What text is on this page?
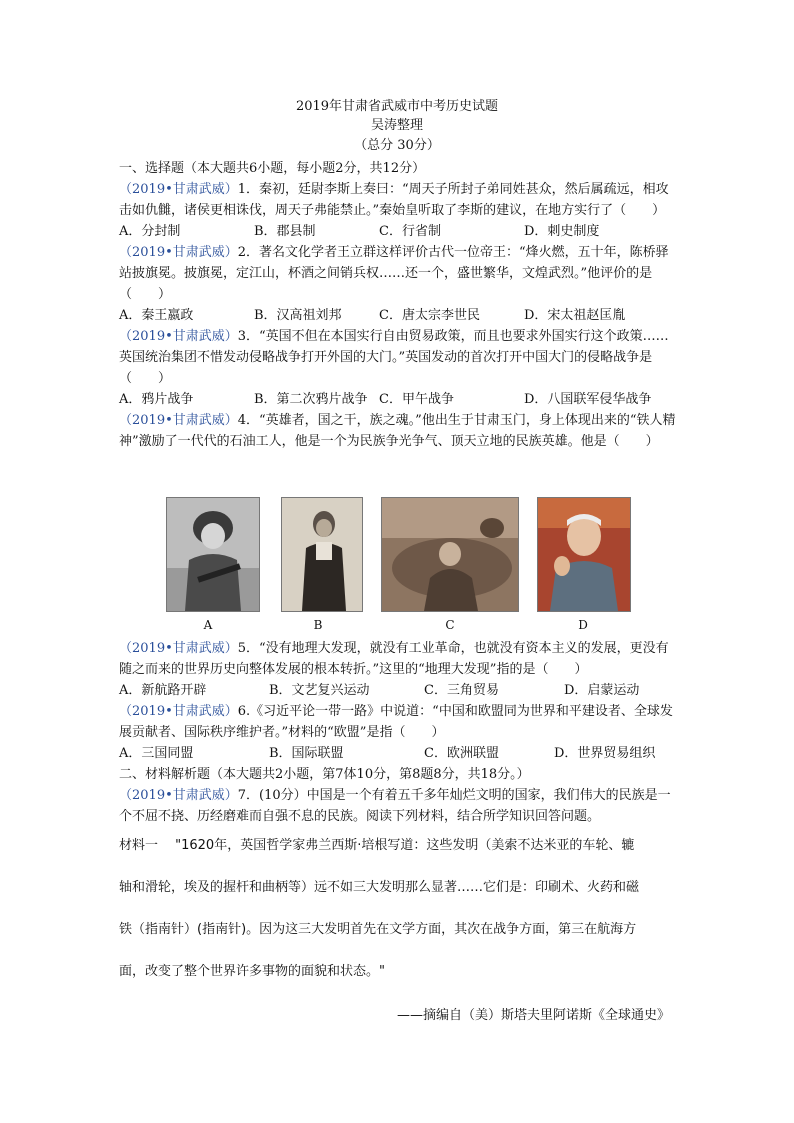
2019年甘肃省武威市中考历史试题
吴涛整理
（总分 30分）
一、选择题（本大题共6小题，每小题2分，共12分）
（2019•甘肃武威）1．秦初，廷尉李斯上奏曰：“周天子所封子弟同姓甚众，然后属疏远，相攻击如仇雠，诸侯更相诛伐，周天子弗能禁止。”秦始皇听取了李斯的建议，在地方实行了（　　）
A．分封制	B．郡县制	C．行省制	D．刺史制度
（2019•甘肃武威）2．著名文化学者王立群这样评价古代一位帝王：“烽火燃，五十年，陈桥驿站披旗冕。披旗冕，定江山，杯酒之间销兵权……还一个，盛世繁华，文煌武烈。”他评价的是（　　）
A．秦王嬴政	B．汉高祖刘邦	C．唐太宗李世民	D．宋太祖赵匡胤
（2019•甘肃武威）3．“英国不但在本国实行自由贸易政策，而且也要求外国实行这个政策……英国统治集团不惜发动侵略战争打开外国的大门。”英国发动的首次打开中国大门的侵略战争是（　　）
A．鸦片战争	B．第二次鸦片战争 C．甲午战争	D．八国联军侵华战争
（2019•甘肃武威）4．“英雄者，国之干，族之魂。”他出生于甘肃玉门，身上体现出来的“铁人精神”激励了一代代的石油工人，他是一个为民族争光争气、顶天立地的民族英雄。他是（　　）
A	B	C	D
（2019•甘肃武威）5．“没有地理大发现，就没有工业革命，也就没有资本主义的发展，更没有随之而来的世界历史向整体发展的根本转折。”这里的“地理大发现”指的是（　　）
A．新航路开辟	B．文艺复兴运动	C．三角贸易	D．启蒙运动
（2019•甘肃武威）6.《习近平论一带一路》中说道：“中国和欧盟同为世界和平建设者、全球发展贡献者、国际秩序维护者。”材料的“欧盟”是指（　　）
A．三国同盟	B．国际联盟	C．欧洲联盟	D．世界贸易组织
二、材料解析题（本大题共2小题，第7体10分，第8题8分，共18分。）
（2019•甘肃武威）7．(10分）中国是一个有着五千多年灿烂文明的国家，我们伟大的民族是一个不屈不挠、历经磨难而自强不息的民族。阅读下列材料，结合所学知识回答问题。
材料一　 "1620年，英国哲学家弗兰西斯·培根写道：这些发明（美索不达米亚的车轮、辘
轴和滑轮，埃及的握杆和曲柄等）远不如三大发明那么显著……它们是：印刷术、火药和磁
铁（指南针）(指南针)。因为这三大发明首先在文学方面，其次在战争方面，第三在航海方
面，改变了整个世界许多事物的面貌和状态。"
——摘编自（美）斯塔夫里阿诺斯《全球通史》
